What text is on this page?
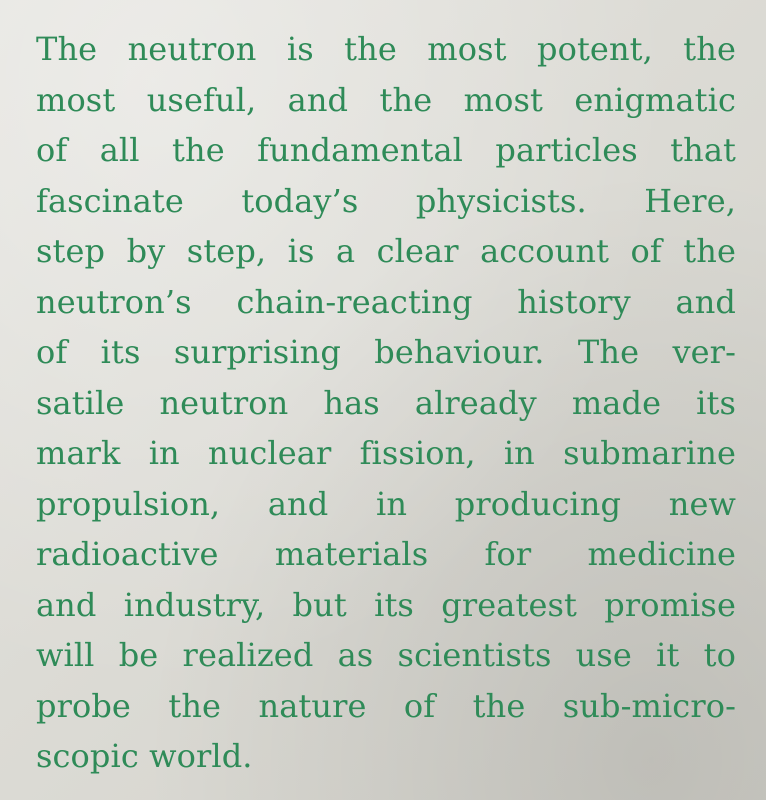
The neutron is the most potent, the
most useful, and the most enigmatic
of all the fundamental particles that
fascinate today’s physicists. Here,
step by step, is a clear account of the
neutron’s chain-reacting history and
of its surprising behaviour. The ver-
satile neutron has already made its
mark in nuclear fission, in submarine
propulsion, and in producing new
radioactive materials for medicine
and industry, but its greatest promise
will be realized as scientists use it to
probe the nature of the sub-micro-
scopic world.
